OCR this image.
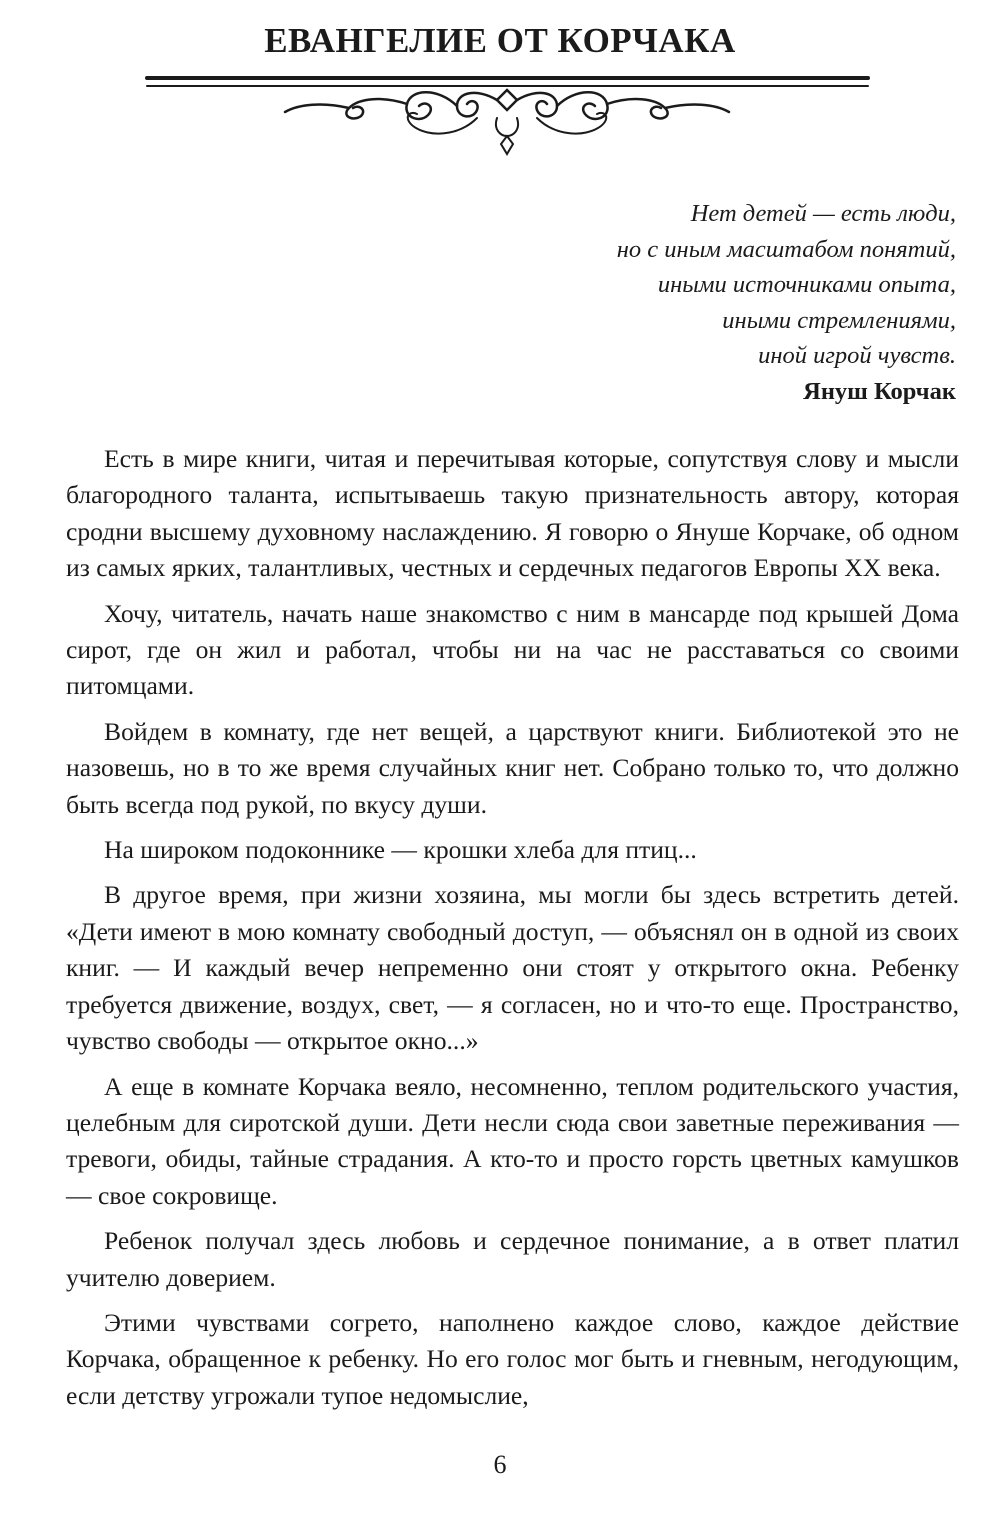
ЕВАНГЕЛИЕ ОТ КОРЧАКА
Нет детей — есть люди,
но с иным масштабом понятий,
иными источниками опыта,
иными стремлениями,
иной игрой чувств.
Януш Корчак

Есть в мире книги, читая и перечитывая которые, сопутствуя слову и мысли благородного таланта, испытываешь такую признательность автору, которая сродни высшему духовному наслаждению. Я говорю о Януше Корчаке, об одном из самых ярких, талантливых, честных и сердечных педагогов Европы XX века.

Хочу, читатель, начать наше знакомство с ним в мансарде под крышей Дома сирот, где он жил и работал, чтобы ни на час не расставаться со своими питомцами.

Войдем в комнату, где нет вещей, а царствуют книги. Библиотекой это не назовешь, но в то же время случайных книг нет. Собрано только то, что должно быть всегда под рукой, по вкусу души.

На широком подоконнике — крошки хлеба для птиц...

В другое время, при жизни хозяина, мы могли бы здесь встретить детей. «Дети имеют в мою комнату свободный доступ, — объяснял он в одной из своих книг. — И каждый вечер непременно они стоят у открытого окна. Ребенку требуется движение, воздух, свет, — я согласен, но и что-то еще. Пространство, чувство свободы — открытое окно...»

А еще в комнате Корчака веяло, несомненно, теплом родительского участия, целебным для сиротской души. Дети несли сюда свои заветные переживания — тревоги, обиды, тайные страдания. А кто-то и просто горсть цветных камушков — свое сокровище.

Ребенок получал здесь любовь и сердечное понимание, а в ответ платил учителю доверием.

Этими чувствами согрето, наполнено каждое слово, каждое действие Корчака, обращенное к ребенку. Но его голос мог быть и гневным, негодующим, если детству угрожали тупое недомыслие,

6
